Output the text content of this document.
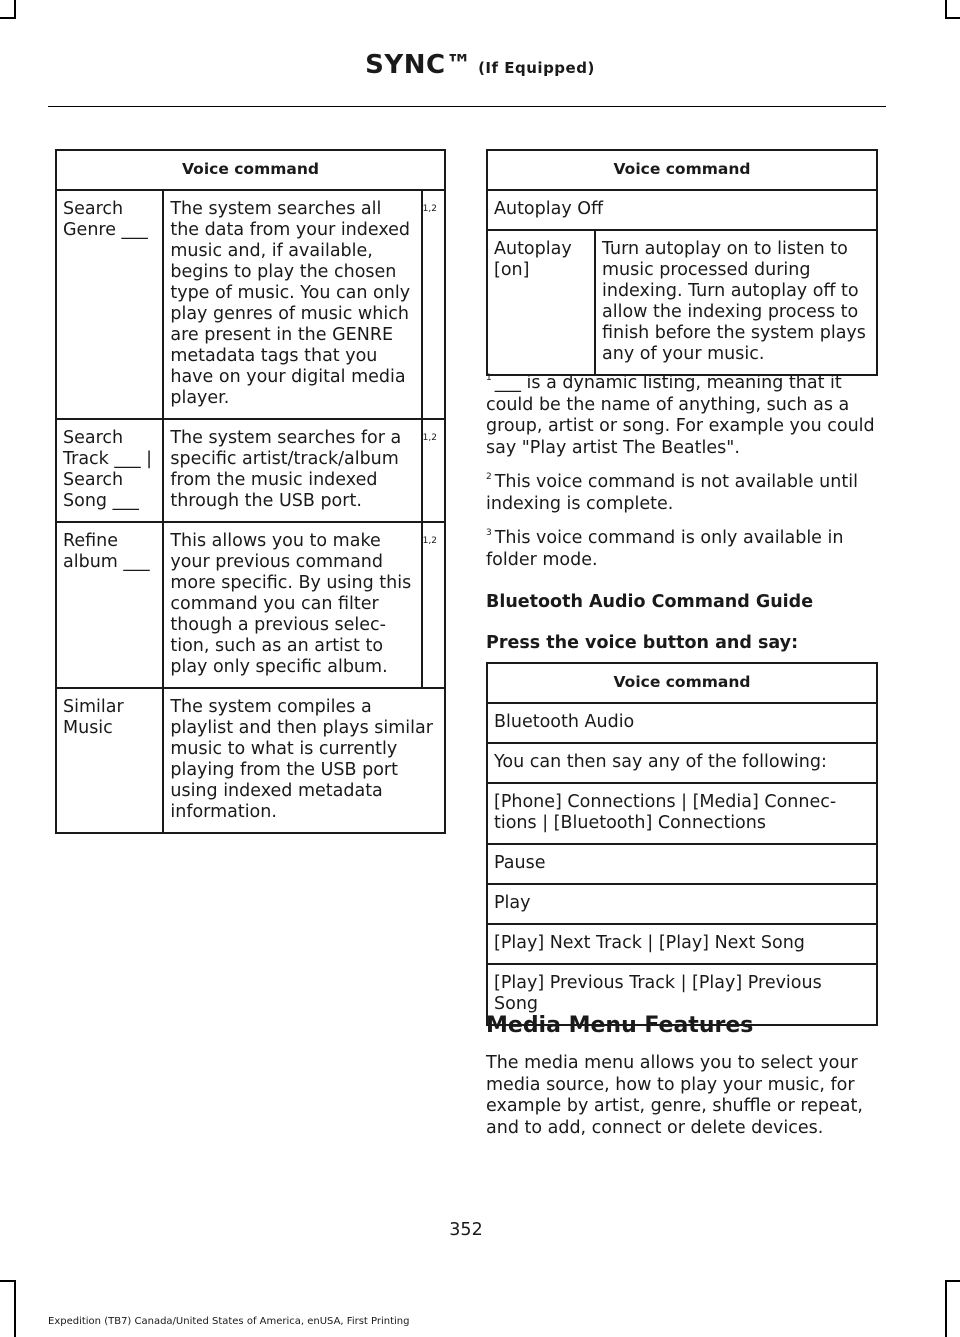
SYNC™ (If Equipped)
Voice command		
Search Genre ___	The system searches all the data from your indexed music and, if available, begins to play the chosen type of music. You can only play genres of music which are present in the GENRE metadata tags that you have on your digital media player.	1,2
Search Track ___ | Search Song ___	The system searches for a specific artist/track/album from the music indexed through the USB port.	1,2
Refine album ___	This allows you to make your previous command more specific. By using this command you can filter though a previous selec-tion, such as an artist to play only specific album.	1,2
Similar Music	The system compiles a playlist and then plays similar music to what is currently playing from the USB port using indexed metadata information.	
Voice command
Autoplay Off
Autoplay [on]	Turn autoplay on to listen to music processed during indexing. Turn autoplay off to allow the indexing process to finish before the system plays any of your music.

$^1$ ___ is a dynamic listing, meaning that it could be the name of anything, such as a group, artist or song. For example you could say "Play artist The Beatles".

$^2$ This voice command is not available until indexing is complete.

$^3$ This voice command is only available in folder mode.

Bluetooth Audio Command Guide
Press the voice button and say:
Voice command
Bluetooth Audio
You can then say any of the following:
[Phone] Connections | [Media] Connec-tions | [Bluetooth] Connections
Pause
Play
[Play] Next Track | [Play] Next Song
[Play] Previous Track | [Play] Previous Song
Media Menu Features

The media menu allows you to select your media source, how to play your music, for example by artist, genre, shuffle or repeat, and to add, connect or delete devices.

352
Expedition (TB7) Canada/United States of America, enUSA, First Printing
